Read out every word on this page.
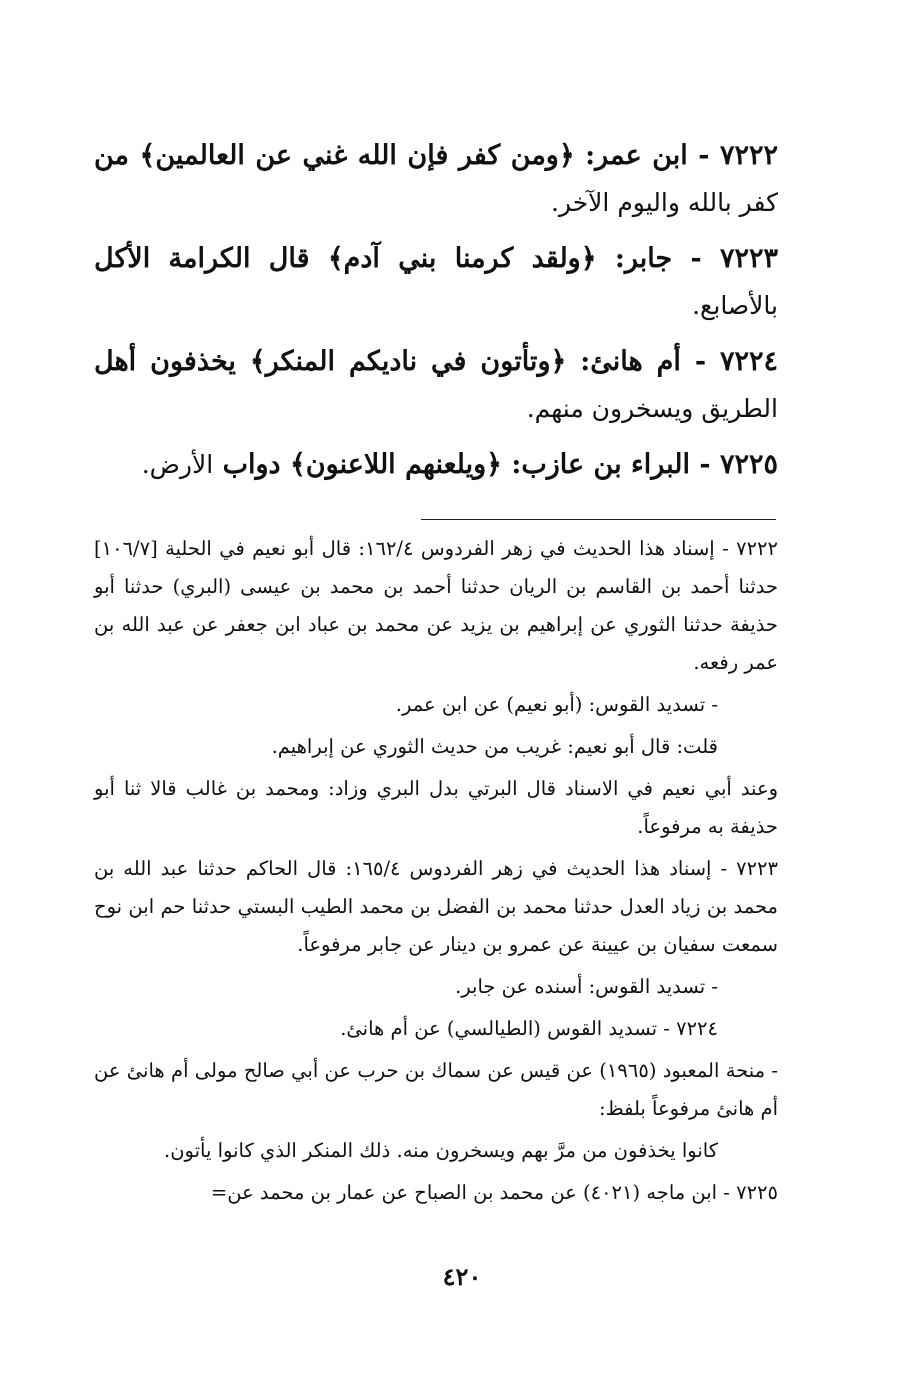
٧٢٢٢ - ابن عمر: ﴿ومن كفر فإن الله غني عن العالمين﴾ من كفر بالله واليوم الآخر.

٧٢٢٣ - جابر: ﴿ولقد كرمنا بني آدم﴾ قال الكرامة الأكل بالأصابع.

٧٢٢٤ - أم هانئ: ﴿وتأتون في ناديكم المنكر﴾ يخذفون أهل الطريق ويسخرون منهم.

٧٢٢٥ - البراء بن عازب: ﴿ويلعنهم اللاعنون﴾ دواب الأرض.

٧٢٢٢ - إسناد هذا الحديث في زهر الفردوس ١٦٢/٤: قال أبو نعيم في الحلية [١٠٦/٧] حدثنا أحمد بن القاسم بن الريان حدثنا أحمد بن محمد بن عيسى (البري) حدثنا أبو حذيفة حدثنا الثوري عن إبراهيم بن يزيد عن محمد بن عباد ابن جعفر عن عبد الله بن عمر رفعه.

- تسديد القوس: (أبو نعيم) عن ابن عمر.

قلت: قال أبو نعيم: غريب من حديث الثوري عن إبراهيم.

وعند أبي نعيم في الاسناد قال البرتي بدل البري وزاد: ومحمد بن غالب قالا ثنا أبو حذيفة به مرفوعاً.

٧٢٢٣ - إسناد هذا الحديث في زهر الفردوس ١٦٥/٤: قال الحاكم حدثنا عبد الله بن محمد بن زياد العدل حدثنا محمد بن الفضل بن محمد الطيب البستي حدثنا حم ابن نوح سمعت سفيان بن عيينة عن عمرو بن دينار عن جابر مرفوعاً.

- تسديد القوس: أسنده عن جابر.

٧٢٢٤ - تسديد القوس (الطيالسي) عن أم هانئ.

- منحة المعبود (١٩٦٥) عن قيس عن سماك بن حرب عن أبي صالح مولى أم هانئ عن أم هانئ مرفوعاً بلفظ:

كانوا يخذفون من مرَّ بهم ويسخرون منه. ذلك المنكر الذي كانوا يأتون.

٧٢٢٥ - ابن ماجه (٤٠٢١) عن محمد بن الصباح عن عمار بن محمد عن=

٤٢٠
